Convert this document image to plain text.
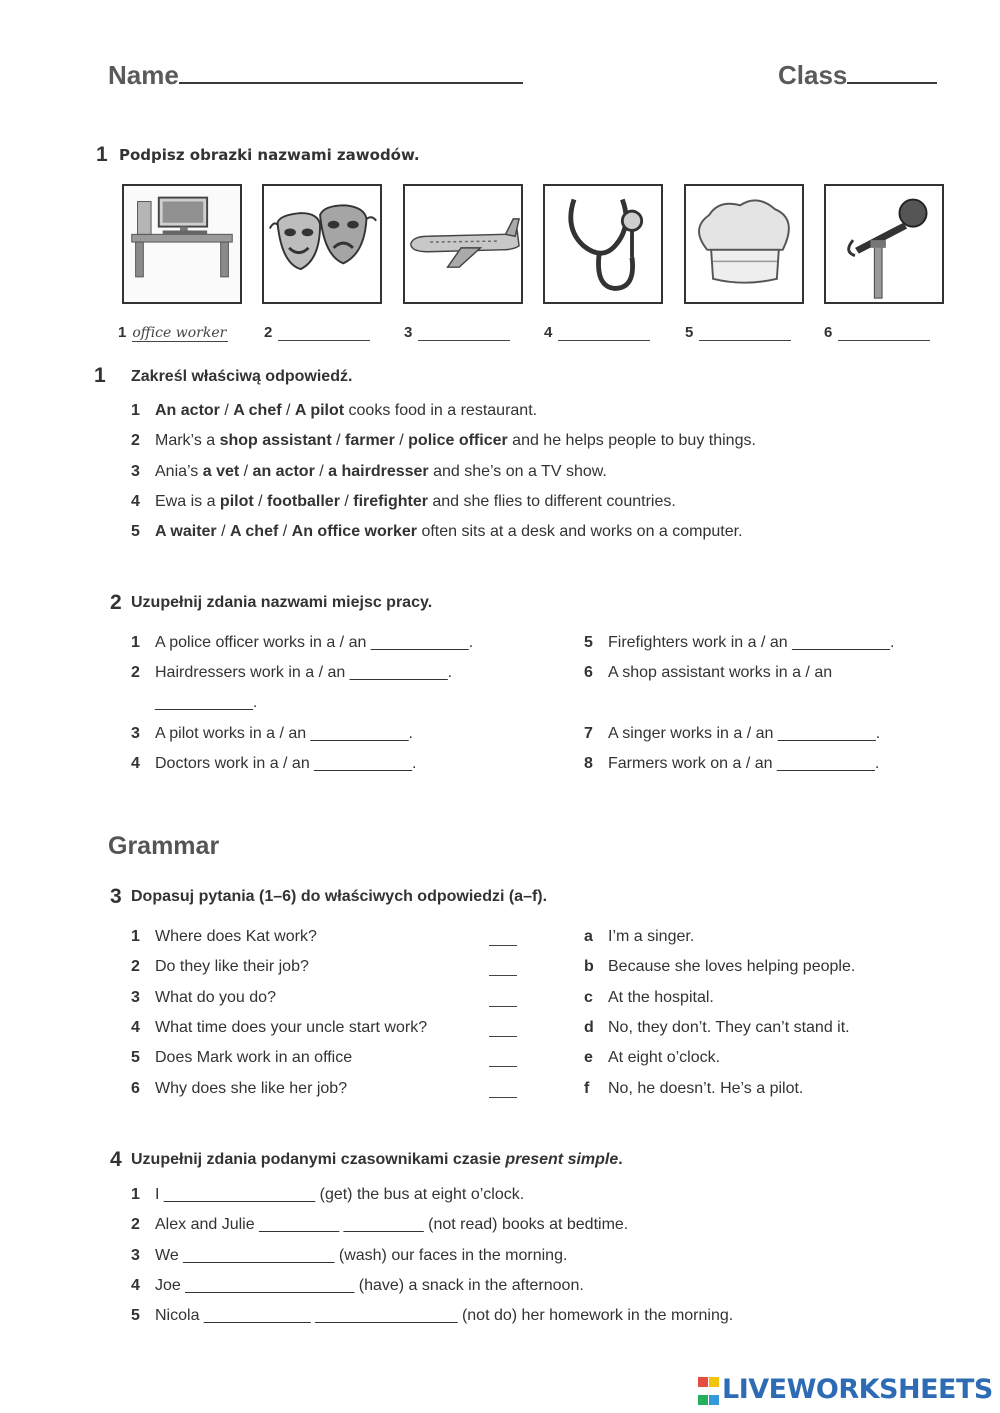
Name	Class
1 Podpisz obrazki nazwami zawodów.
1 office worker	2	3	4	5	6
1 Zakreśl właściwą odpowiedź.
1 An actor / A chef / A pilot cooks food in a restaurant.
2 Mark’s a shop assistant / farmer / police officer and he helps people to buy things.
3 Ania’s a vet / an actor / a hairdresser and she’s on a TV show.
4 Ewa is a pilot / footballer / firefighter and she flies to different countries.
5 A waiter / A chef / An office worker often sits at a desk and works on a computer.
2 Uzupełnij zdania nazwami miejsc pracy.
1 A police officer works in a / an ___________.
2 Hairdressers work in a / an ___________.
___________.
3 A pilot works in a / an ___________.
4 Doctors work in a / an ___________.
5 Firefighters work in a / an ___________.
6 A shop assistant works in a / an
7 A singer works in a / an ___________.
8 Farmers work on a / an ___________.
Grammar
3 Dopasuj pytania (1–6) do właściwych odpowiedzi (a–f).
1 Where does Kat work?	a I’m a singer.
2 Do they like their job?	b Because she loves helping people.
3 What do you do?	c At the hospital.
4 What time does your uncle start work?	d No, they don’t. They can’t stand it.
5 Does Mark work in an office	e At eight o’clock.
6 Why does she like her job?	f No, he doesn’t. He’s a pilot.
4 Uzupełnij zdania podanymi czasownikami czasie present simple.
1 I _________________ (get) the bus at eight o’clock.
2 Alex and Julie _________ _________ (not read) books at bedtime.
3 We _________________ (wash) our faces in the morning.
4 Joe ___________________ (have) a snack in the afternoon.
5 Nicola ____________ ________________ (not do) her homework in the morning.

LIVEWORKSHEETS
